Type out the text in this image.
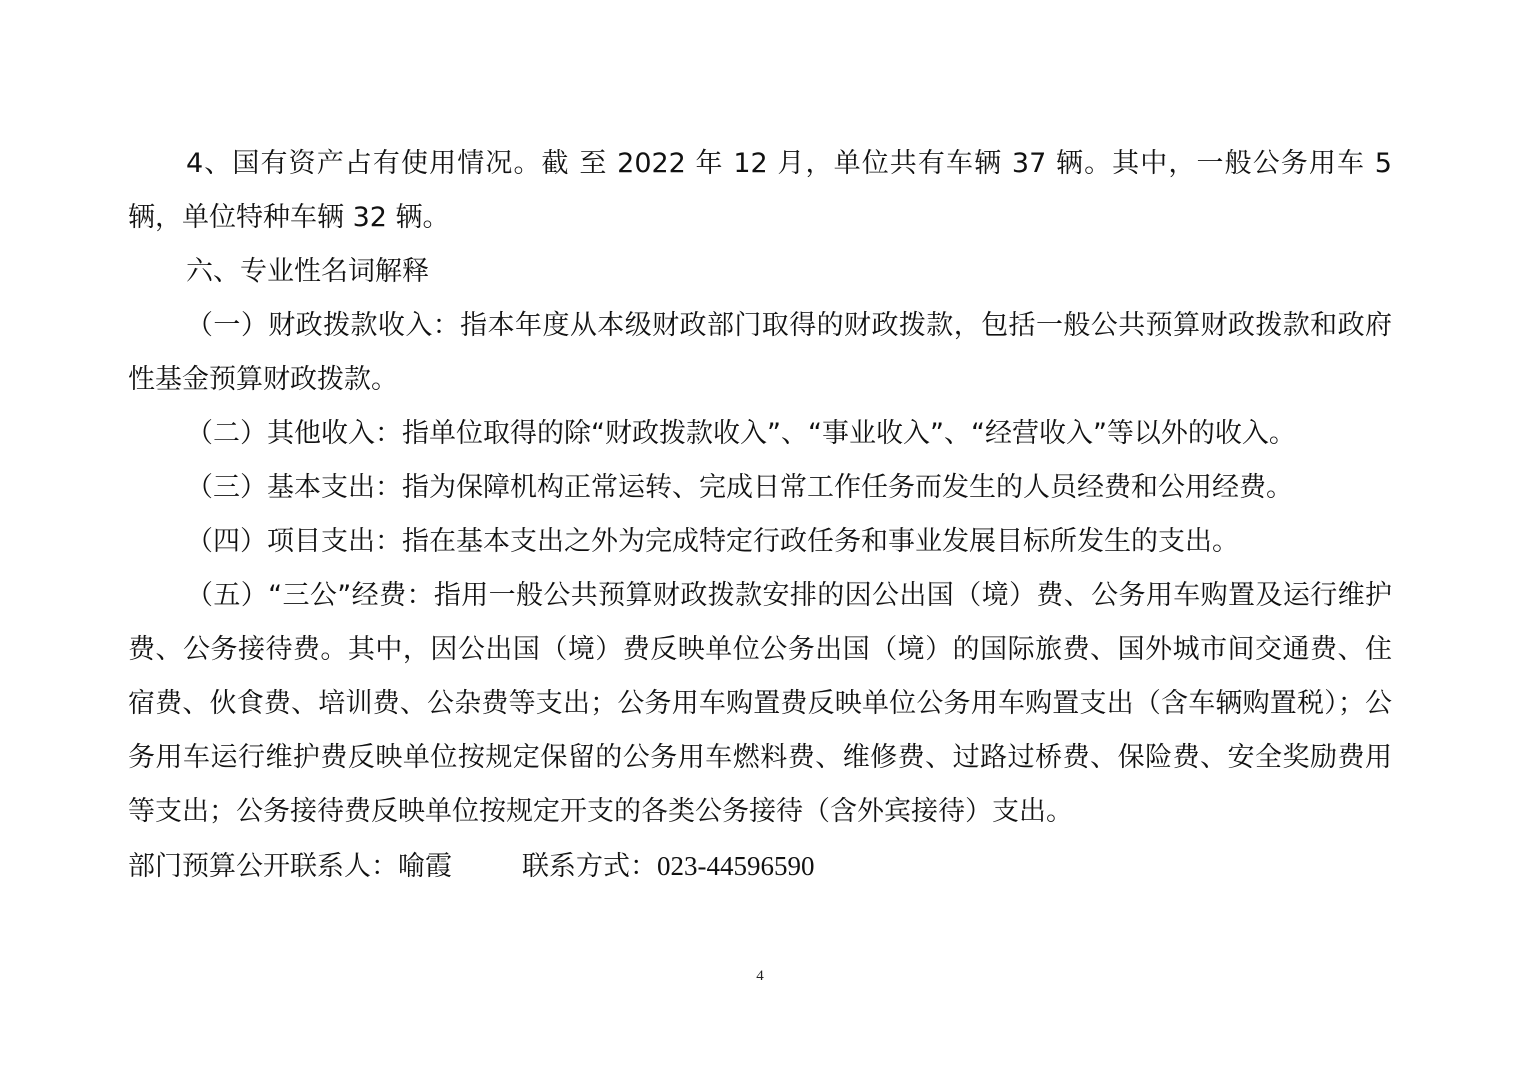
4、国有资产占有使用情况。截 至 2022 年 12 月，单位共有车辆 37 辆。其中，一般公务用车 5 辆，单位特种车辆 32 辆。

六、专业性名词解释

（一）财政拨款收入：指本年度从本级财政部门取得的财政拨款，包括一般公共预算财政拨款和政府性基金预算财政拨款。

（二）其他收入：指单位取得的除“财政拨款收入”、“事业收入”、“经营收入”等以外的收入。

（三）基本支出：指为保障机构正常运转、完成日常工作任务而发生的人员经费和公用经费。

（四）项目支出：指在基本支出之外为完成特定行政任务和事业发展目标所发生的支出。

（五）“三公”经费：指用一般公共预算财政拨款安排的因公出国（境）费、公务用车购置及运行维护费、公务接待费。其中，因公出国（境）费反映单位公务出国（境）的国际旅费、国外城市间交通费、住宿费、伙食费、培训费、公杂费等支出；公务用车购置费反映单位公务用车购置支出（含车辆购置税）；公务用车运行维护费反映单位按规定保留的公务用车燃料费、维修费、过路过桥费、保险费、安全奖励费用等支出；公务接待费反映单位按规定开支的各类公务接待（含外宾接待）支出。

部门预算公开联系人：喻霞	联系方式：023-44596590

4
